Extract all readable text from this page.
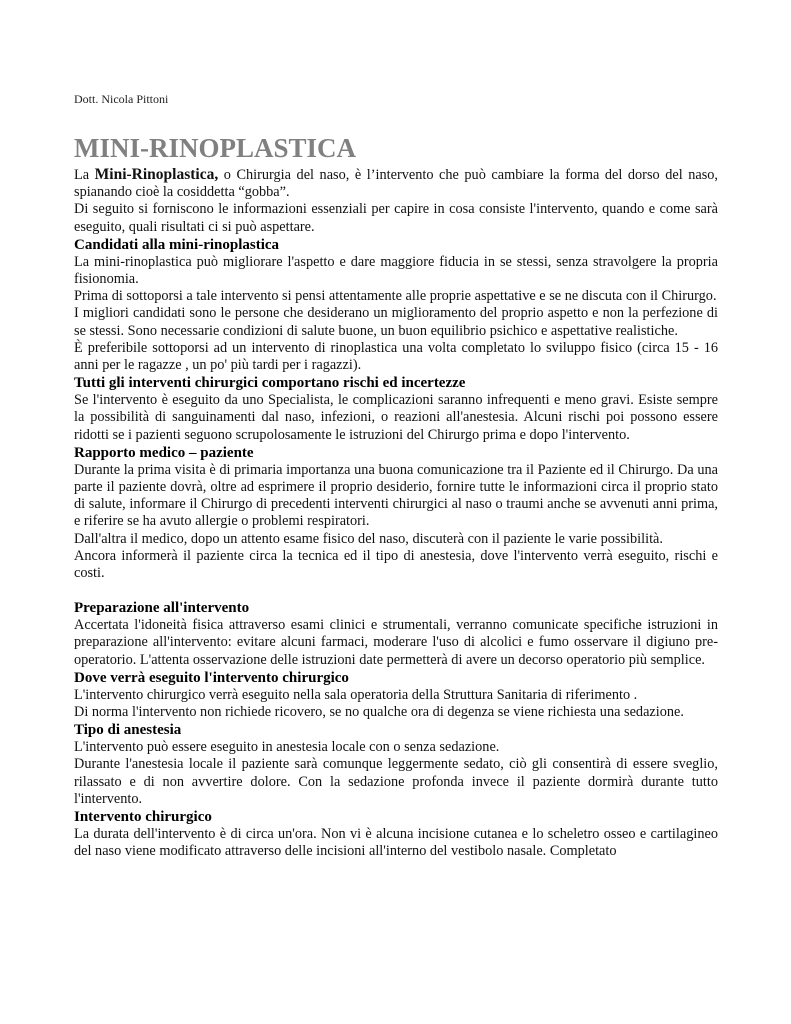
Dott. Nicola Pittoni
MINI-RINOPLASTICA

La Mini-Rinoplastica, o Chirurgia del naso, è l’intervento che può cambiare la forma del dorso del naso, spianando cioè la cosiddetta “gobba”.

Di seguito si forniscono le informazioni essenziali per capire in cosa consiste l'intervento, quando e come sarà eseguito, quali risultati ci si può aspettare.

Candidati alla mini-rinoplastica

La mini-rinoplastica può migliorare l'aspetto e dare maggiore fiducia in se stessi, senza stravolgere la propria fisionomia.

Prima di sottoporsi a tale intervento si pensi attentamente alle proprie aspettative e se ne discuta con il Chirurgo.

I migliori candidati sono le persone che desiderano un miglioramento del proprio aspetto e non la perfezione di se stessi. Sono necessarie condizioni di salute buone, un buon equilibrio psichico e aspettative realistiche.

È preferibile sottoporsi ad un intervento di rinoplastica una volta completato lo sviluppo fisico (circa 15 - 16 anni per le ragazze , un po' più tardi per i ragazzi).

Tutti gli interventi chirurgici comportano rischi ed incertezze

Se l'intervento è eseguito da uno Specialista, le complicazioni saranno infrequenti e meno gravi. Esiste sempre la possibilità di sanguinamenti dal naso, infezioni, o reazioni all'anestesia. Alcuni rischi poi possono essere ridotti se i pazienti seguono scrupolosamente le istruzioni del Chirurgo prima e dopo l'intervento.

Rapporto medico – paziente

Durante la prima visita è di primaria importanza una buona comunicazione tra il Paziente ed il Chirurgo. Da una parte il paziente dovrà, oltre ad esprimere il proprio desiderio, fornire tutte le informazioni circa il proprio stato di salute, informare il Chirurgo di precedenti interventi chirurgici al naso o traumi anche se avvenuti anni prima, e riferire se ha avuto allergie o problemi respiratori.

Dall'altra il medico, dopo un attento esame fisico del naso, discuterà con il paziente le varie possibilità.

Ancora informerà il paziente circa la tecnica ed il tipo di anestesia, dove l'intervento verrà eseguito, rischi e costi.

Preparazione all'intervento

Accertata l'idoneità fisica attraverso esami clinici e strumentali, verranno comunicate specifiche istruzioni in preparazione all'intervento: evitare alcuni farmaci, moderare l'uso di alcolici e fumo osservare il digiuno pre-operatorio. L'attenta osservazione delle istruzioni date permetterà di avere un decorso operatorio più semplice.

Dove verrà eseguito l'intervento chirurgico

L'intervento chirurgico verrà eseguito nella sala operatoria della Struttura Sanitaria di riferimento .

Di norma l'intervento non richiede ricovero, se no qualche ora di degenza se viene richiesta una sedazione.

Tipo di anestesia

L'intervento può essere eseguito in anestesia locale con o senza sedazione.

Durante l'anestesia locale il paziente sarà comunque leggermente sedato, ciò gli consentirà di essere sveglio, rilassato e di non avvertire dolore. Con la sedazione profonda invece il paziente dormirà durante tutto l'intervento.

Intervento chirurgico

La durata dell'intervento è di circa un'ora. Non vi è alcuna incisione cutanea e lo scheletro osseo e cartilagineo del naso viene modificato attraverso delle incisioni all'interno del vestibolo nasale. Completato
